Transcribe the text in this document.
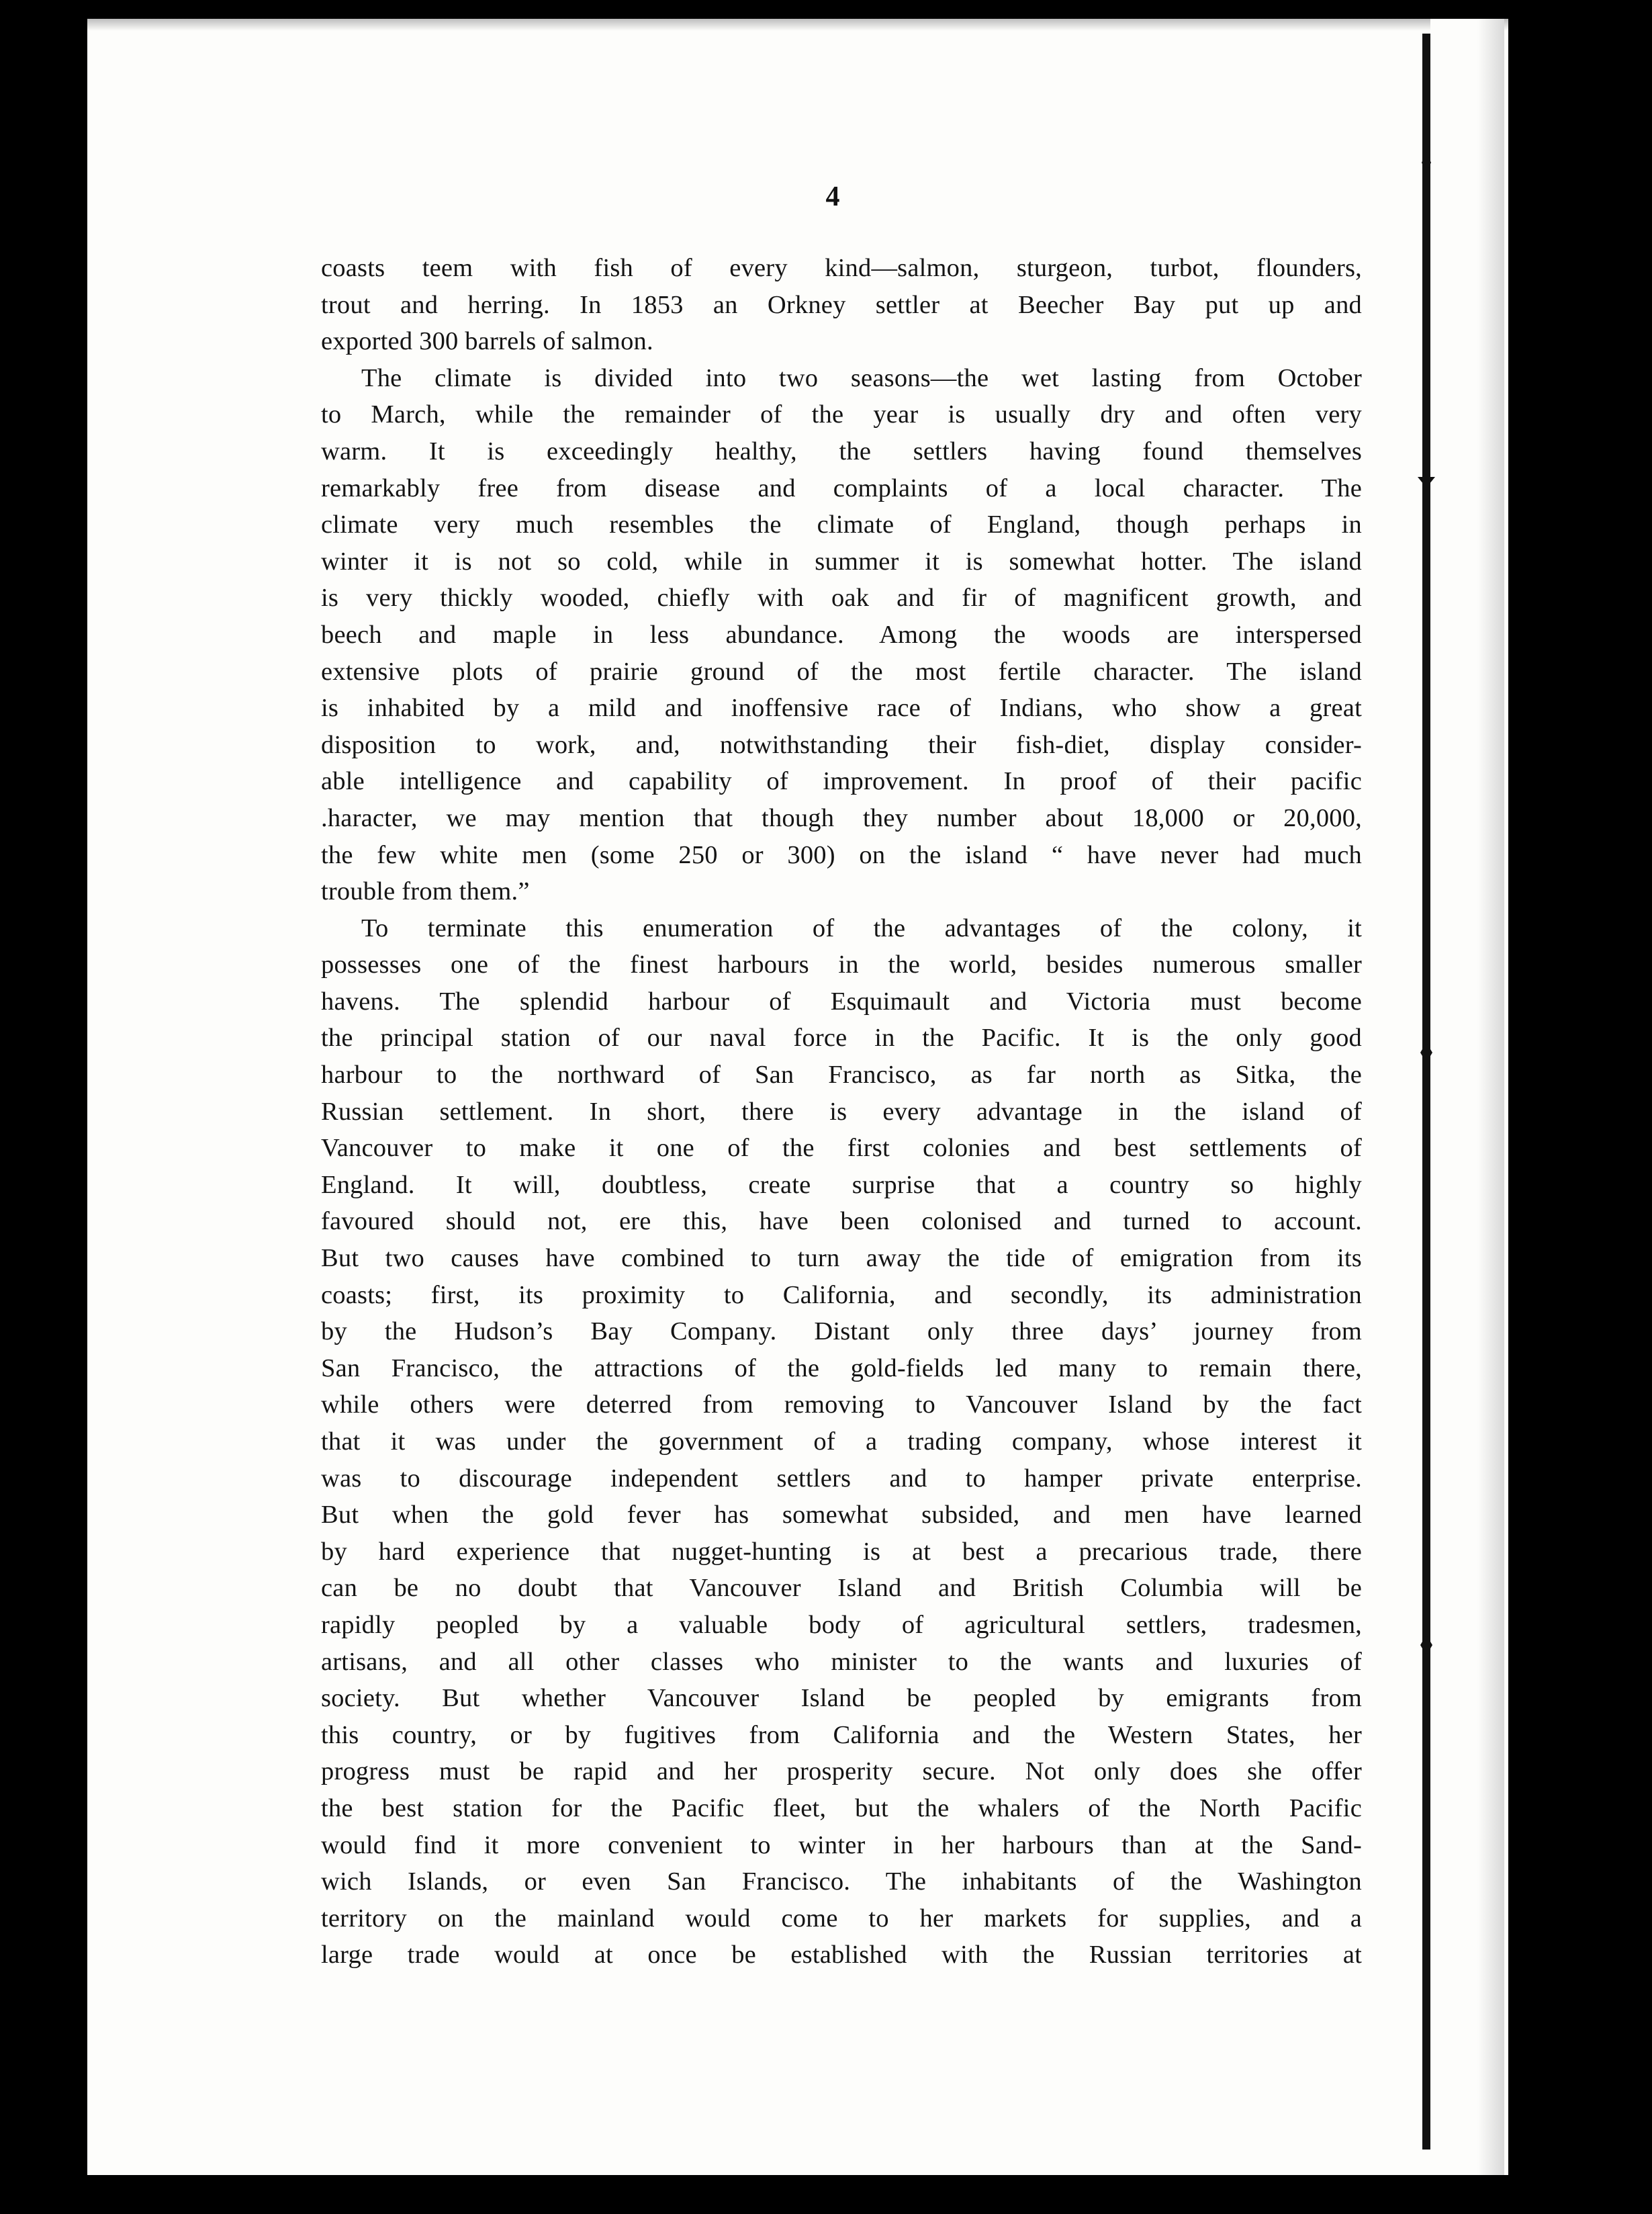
4

coasts teem with fish of every kind—salmon, sturgeon, turbot, flounders,
trout and herring. In 1853 an Orkney settler at Beecher Bay put up and
exported 300 barrels of salmon.

The climate is divided into two seasons—the wet lasting from October
to March, while the remainder of the year is usually dry and often very
warm. It is exceedingly healthy, the settlers having found themselves
remarkably free from disease and complaints of a local character. The
climate very much resembles the climate of England, though perhaps in
winter it is not so cold, while in summer it is somewhat hotter. The island
is very thickly wooded, chiefly with oak and fir of magnificent growth, and
beech and maple in less abundance. Among the woods are interspersed
extensive plots of prairie ground of the most fertile character. The island
is inhabited by a mild and inoffensive race of Indians, who show a great
disposition to work, and, notwithstanding their fish-diet, display consider-
able intelligence and capability of improvement. In proof of their pacific
.haracter, we may mention that though they number about 18,000 or 20,000,
the few white men (some 250 or 300) on the island “ have never had much
trouble from them.”

To terminate this enumeration of the advantages of the colony, it
possesses one of the finest harbours in the world, besides numerous smaller
havens. The splendid harbour of Esquimault and Victoria must become
the principal station of our naval force in the Pacific. It is the only good
harbour to the northward of San Francisco, as far north as Sitka, the
Russian settlement. In short, there is every advantage in the island of
Vancouver to make it one of the first colonies and best settlements of
England. It will, doubtless, create surprise that a country so highly
favoured should not, ere this, have been colonised and turned to account.
But two causes have combined to turn away the tide of emigration from its
coasts; first, its proximity to California, and secondly, its administration
by the Hudson’s Bay Company. Distant only three days’ journey from
San Francisco, the attractions of the gold-fields led many to remain there,
while others were deterred from removing to Vancouver Island by the fact
that it was under the government of a trading company, whose interest it
was to discourage independent settlers and to hamper private enterprise.
But when the gold fever has somewhat subsided, and men have learned
by hard experience that nugget-hunting is at best a precarious trade, there
can be no doubt that Vancouver Island and British Columbia will be
rapidly peopled by a valuable body of agricultural settlers, tradesmen,
artisans, and all other classes who minister to the wants and luxuries of
society. But whether Vancouver Island be peopled by emigrants from
this country, or by fugitives from California and the Western States, her
progress must be rapid and her prosperity secure. Not only does she offer
the best station for the Pacific fleet, but the whalers of the North Pacific
would find it more convenient to winter in her harbours than at the Sand-
wich Islands, or even San Francisco. The inhabitants of the Washington
territory on the mainland would come to her markets for supplies, and a
large trade would at once be established with the Russian territories at
